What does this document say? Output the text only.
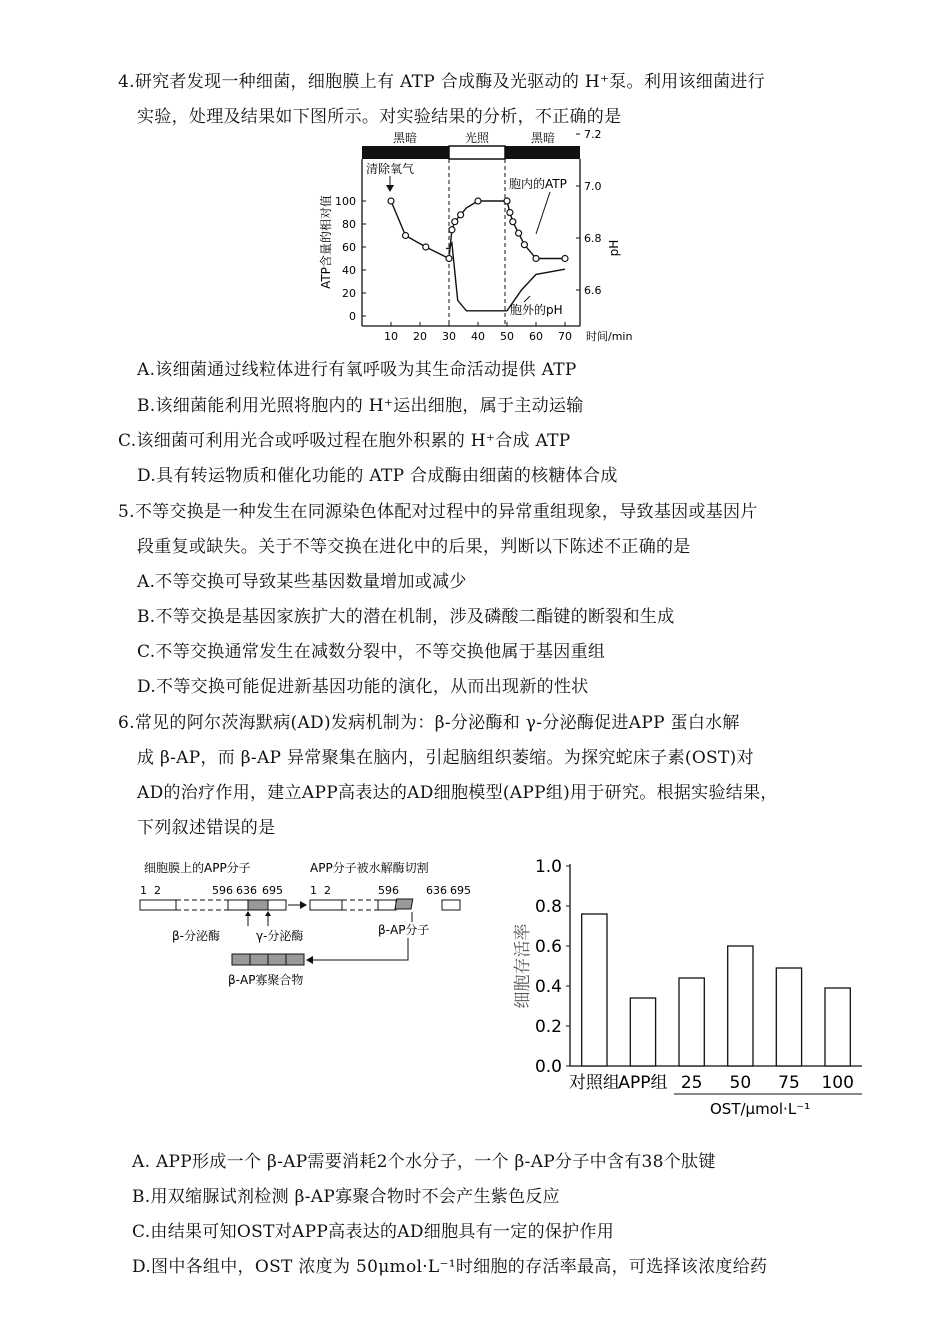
4.研究者发现一种细菌，细胞膜上有 ATP 合成酶及光驱动的 H⁺泵。利用该细菌进行
实验，处理及结果如下图所示。对实验结果的分析，不正确的是
黑暗	光照	黑暗
10 20 30 40 50 60 70
0
20
40
60
80
100
6.6
6.8
7.0
7.2
清除氧气
胞内的ATP
胞外的pH
ATP含量的相对值	pH
时间/min
A.该细菌通过线粒体进行有氧呼吸为其生命活动提供 ATP
B.该细菌能利用光照将胞内的 H⁺运出细胞，属于主动运输
C.该细菌可利用光合或呼吸过程在胞外积累的 H⁺合成 ATP
D.具有转运物质和催化功能的 ATP 合成酶由细菌的核糖体合成
5.不等交换是一种发生在同源染色体配对过程中的异常重组现象，导致基因或基因片
段重复或缺失。关于不等交换在进化中的后果，判断以下陈述不正确的是
A.不等交换可导致某些基因数量增加或减少
B.不等交换是基因家族扩大的潜在机制，涉及磷酸二酯键的断裂和生成
C.不等交换通常发生在减数分裂中，不等交换他属于基因重组
D.不等交换可能促进新基因功能的演化，从而出现新的性状
6.常见的阿尔茨海默病(AD)发病机制为：β-分泌酶和 γ-分泌酶促进APP 蛋白水解
成 β-AP，而 β-AP 异常聚集在脑内，引起脑组织萎缩。为探究蛇床子素(OST)对
AD的治疗作用，建立APP高表达的AD细胞模型(APP组)用于研究。根据实验结果，
下列叙述错误的是
细胞膜上的APP分子	APP分子被水解酶切割
1 2	596 636 695
β-分泌酶	γ-分泌酶
1 2	596 636 695
β-AP分子
β-AP寡聚合物
0.0
0.2
0.4
0.6
0.8
1.0
对照组
APP组 25 50 75 100
细胞存活率
OST/μmol·L⁻¹
A. APP形成一个 β-AP需要消耗2个水分子，一个 β-AP分子中含有38个肽键
B.用双缩脲试剂检测 β-AP寡聚合物时不会产生紫色反应
C.由结果可知OST对APP高表达的AD细胞具有一定的保护作用
D.图中各组中，OST 浓度为 50μmol·L⁻¹时细胞的存活率最高，可选择该浓度给药
